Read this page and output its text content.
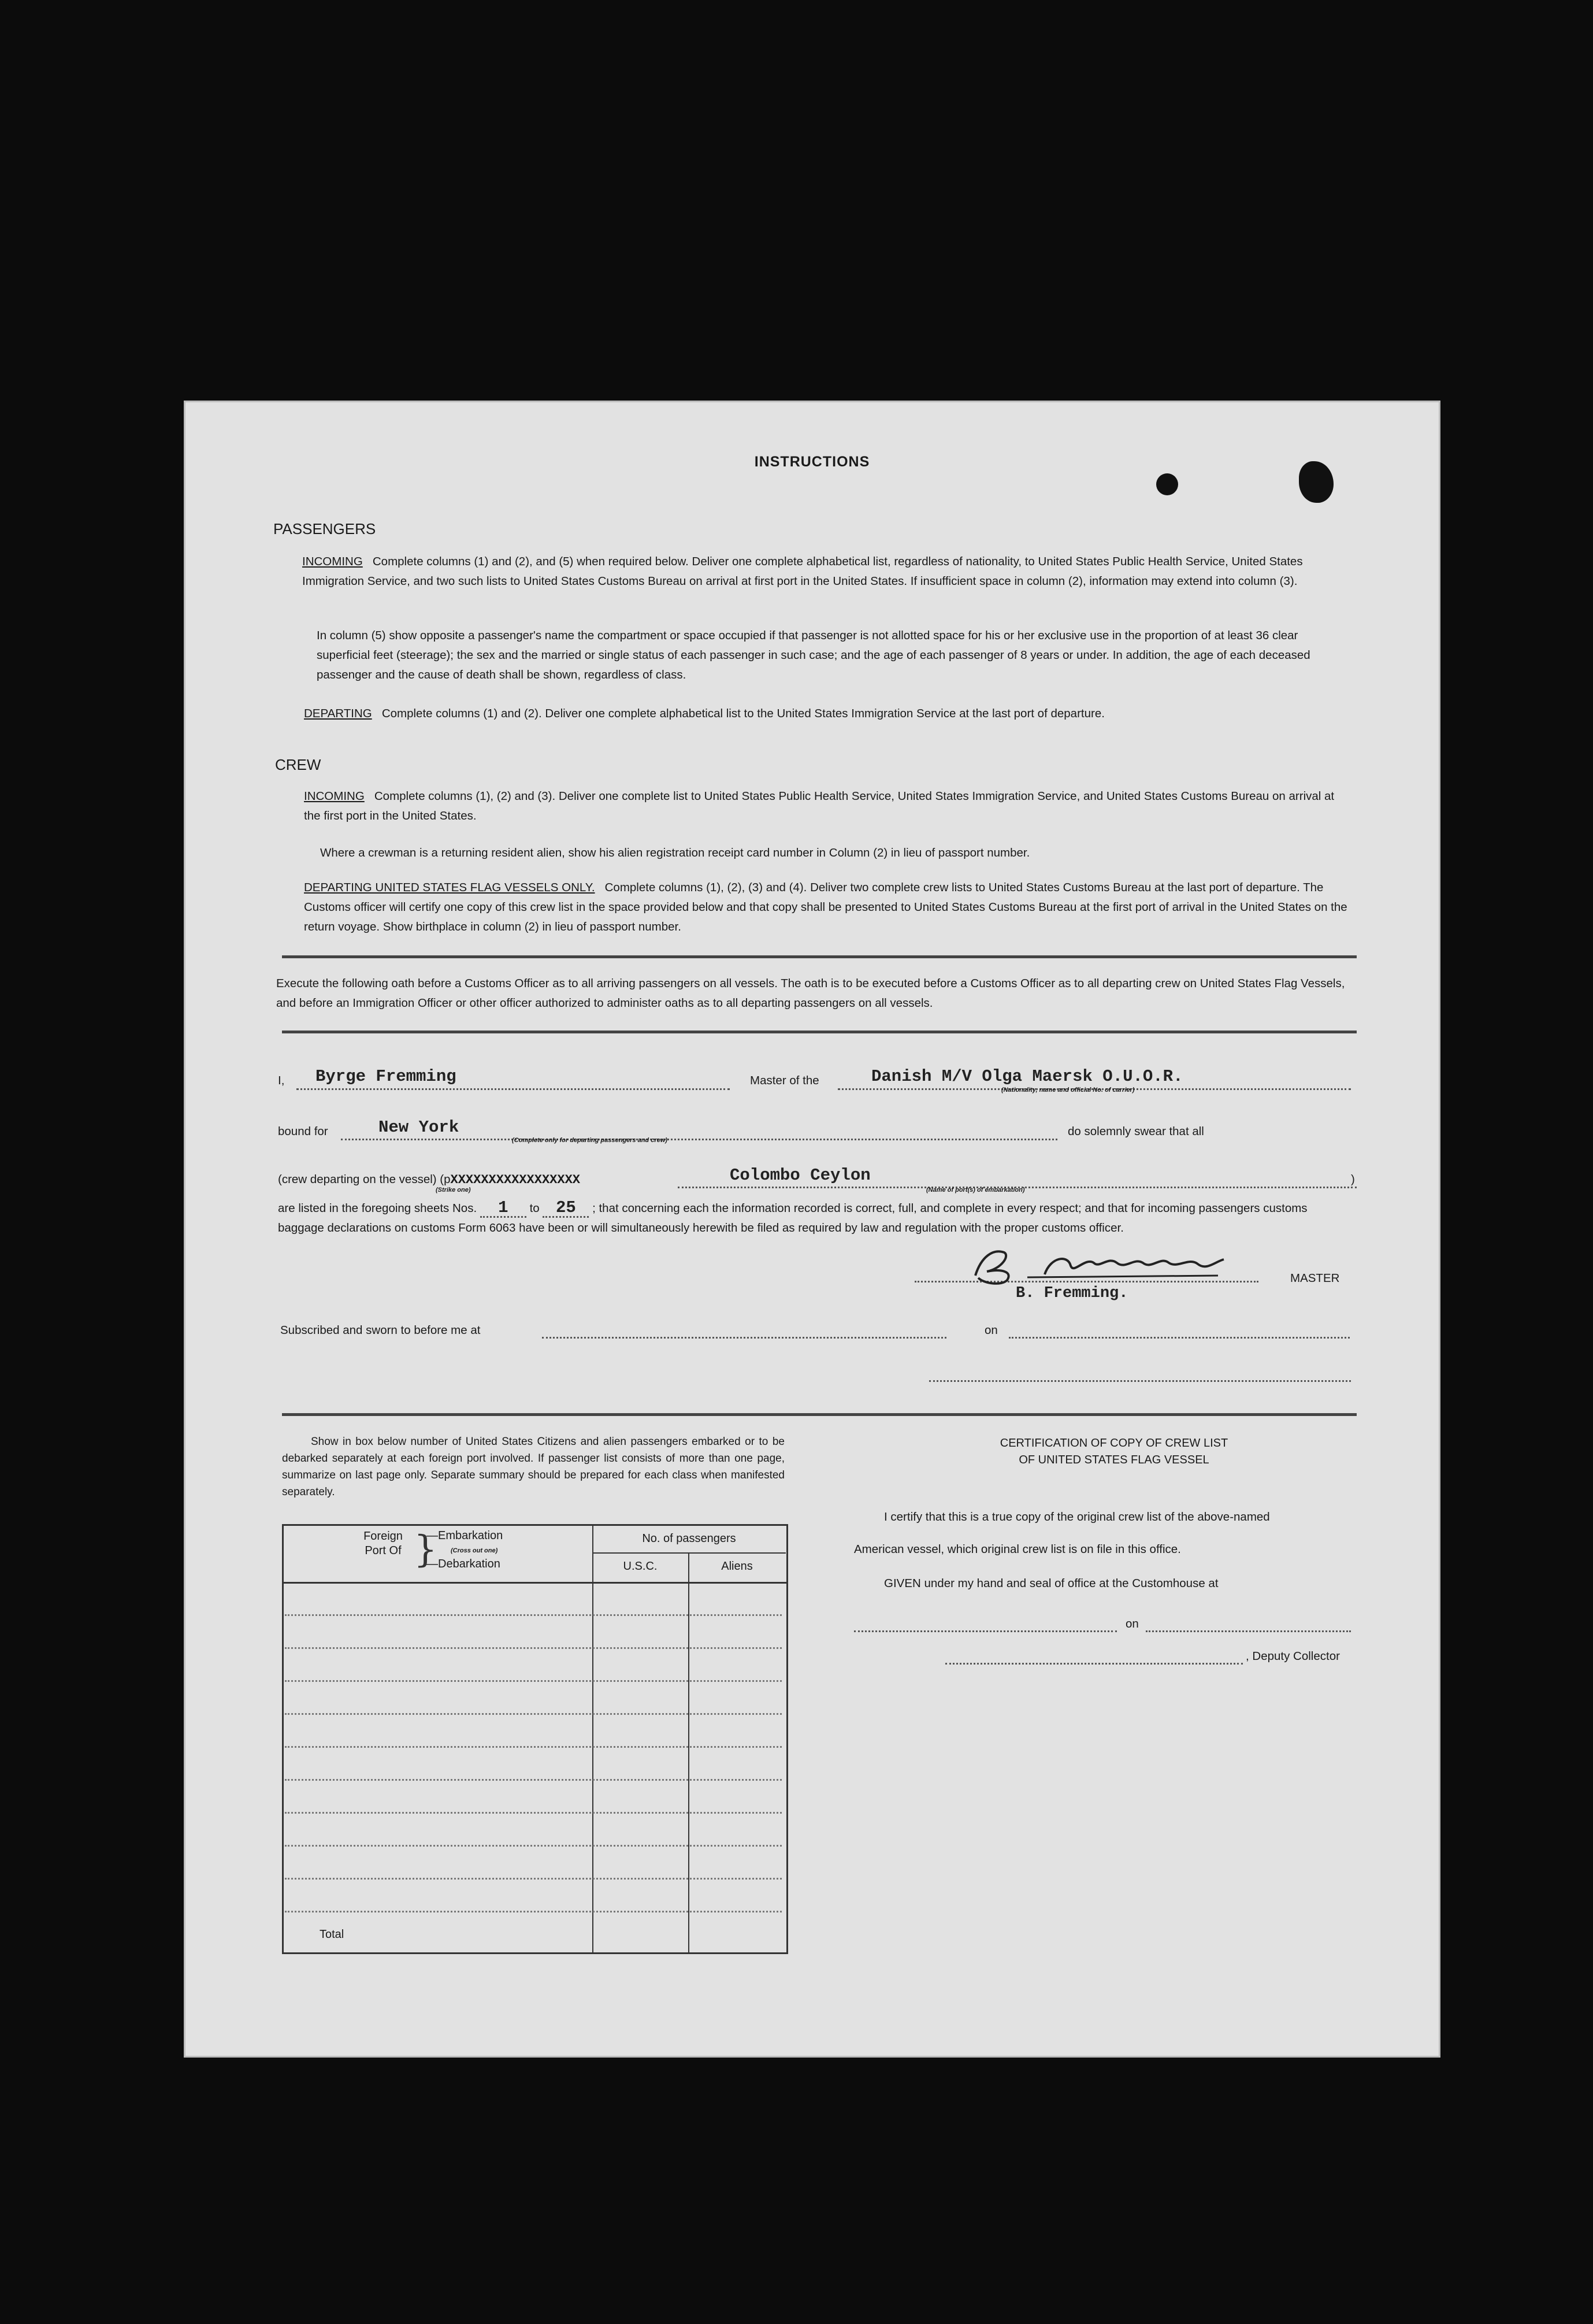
INSTRUCTIONS
PASSENGERS
INCOMING Complete columns (1) and (2), and (5) when required below. Deliver one complete alphabetical list, regardless of nationality, to United States Public Health Service, United States Immigration Service, and two such lists to United States Customs Bureau on arrival at first port in the United States. If insufficient space in column (2), information may extend into column (3).
In column (5) show opposite a passenger's name the compartment or space occupied if that passenger is not allotted space for his or her exclusive use in the proportion of at least 36 clear superficial feet (steerage); the sex and the married or single status of each passenger in such case; and the age of each passenger of 8 years or under. In addition, the age of each deceased passenger and the cause of death shall be shown, regardless of class.
DEPARTING Complete columns (1) and (2). Deliver one complete alphabetical list to the United States Immigration Service at the last port of departure.
CREW
INCOMING Complete columns (1), (2) and (3). Deliver one complete list to United States Public Health Service, United States Immigration Service, and United States Customs Bureau on arrival at the first port in the United States.
Where a crewman is a returning resident alien, show his alien registration receipt card number in Column (2) in lieu of passport number.
DEPARTING UNITED STATES FLAG VESSELS ONLY. Complete columns (1), (2), (3) and (4). Deliver two complete crew lists to United States Customs Bureau at the last port of departure. The Customs officer will certify one copy of this crew list in the space provided below and that copy shall be presented to United States Customs Bureau at the first port of arrival in the United States on the return voyage. Show birthplace in column (2) in lieu of passport number.
Execute the following oath before a Customs Officer as to all arriving passengers on all vessels. The oath is to be executed before a Customs Officer as to all departing crew on United States Flag Vessels, and before an Immigration Officer or other officer authorized to administer oaths as to all departing passengers on all vessels.
I, Byrge Fremming	Master of the	Danish M/V Olga Maersk O.U.O.R.
(Nationality, name and official No. of carrier)
bound for	New York
(Complete only for departing passengers and crew)
do solemnly swear that all
(crew departing on the vessel) (pXXXXXXXXXXXXXXXXX
(Strike one)
Colombo Ceylon
(Name of port(s) of embarkation)
)
are listed in the foregoing sheets Nos. 1 to 25 ; that concerning each the information recorded is correct, full, and complete in every respect; and that for incoming passengers customs baggage declarations on customs Form 6063 have been or will simultaneously herewith be filed as required by law and regulation with the proper customs officer.
MASTER
B. Fremming.
Subscribed and sworn to before me at	on
Show in box below number of United States Citizens and alien passengers embarked or to be debarked separately at each foreign port involved. If passenger list consists of more than one page, summarize on last page only. Separate summary should be prepared for each class when manifested separately.
Foreign Port Of }
—Embarkation
(Cross out one)
—Debarkation
No. of passengers
U.S.C.	Aliens
Total
CERTIFICATION OF COPY OF CREW LIST
OF UNITED STATES FLAG VESSEL
I certify that this is a true copy of the original crew list of the above-named
American vessel, which original crew list is on file in this office.
GIVEN under my hand and seal of office at the Customhouse at
on
, Deputy Collector
